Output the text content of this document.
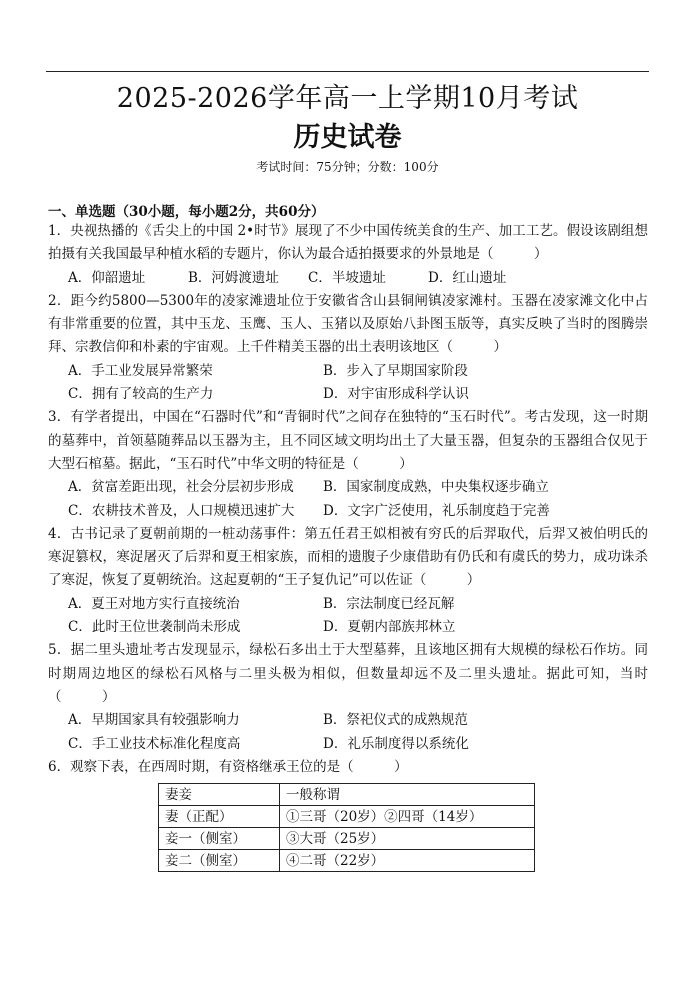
2025-2026学年高一上学期10月考试
历史试卷
考试时间：75分钟；分数：100分
一、单选题（30小题，每小题2分，共60分）

1．央视热播的《舌尖上的中国 2•时节》展现了不少中国传统美食的生产、加工工艺。假设该剧组想拍摄有关我国最早种植水稻的专题片，你认为最合适拍摄要求的外景地是（　　　）

A．仰韶遗址	B．河姆渡遗址	C．半坡遗址	D．红山遗址

2．距今约5800—5300年的凌家滩遗址位于安徽省含山县铜闸镇凌家滩村。玉器在凌家滩文化中占有非常重要的位置，其中玉龙、玉鹰、玉人、玉猪以及原始八卦图玉版等，真实反映了当时的图腾崇拜、宗教信仰和朴素的宇宙观。上千件精美玉器的出土表明该地区（　　　）

A．手工业发展异常繁荣	B．步入了早期国家阶段
C．拥有了较高的生产力	D．对宇宙形成科学认识

3．有学者提出，中国在“石器时代”和“青铜时代”之间存在独特的“玉石时代”。考古发现，这一时期的墓葬中，首领墓随葬品以玉器为主，且不同区域文明均出土了大量玉器，但复杂的玉器组合仅见于大型石棺墓。据此，“玉石时代”中华文明的特征是（　　　）

A．贫富差距出现，社会分层初步形成	B．国家制度成熟，中央集权逐步确立
C．农耕技术普及，人口规模迅速扩大	D．文字广泛使用，礼乐制度趋于完善

4．古书记录了夏朝前期的一桩动荡事件：第五任君王姒相被有穷氏的后羿取代，后羿又被伯明氏的寒浞篡权，寒浞屠灭了后羿和夏王相家族，而相的遗腹子少康借助有仍氏和有虞氏的势力，成功诛杀了寒浞，恢复了夏朝统治。这起夏朝的“王子复仇记”可以佐证（　　　）

A．夏王对地方实行直接统治	B．宗法制度已经瓦解
C．此时王位世袭制尚未形成	D．夏朝内部族邦林立

5．据二里头遗址考古发现显示，绿松石多出土于大型墓葬，且该地区拥有大规模的绿松石作坊。同时期周边地区的绿松石风格与二里头极为相似，但数量却远不及二里头遗址。据此可知，当时（　　　）

A．早期国家具有较强影响力	B．祭祀仪式的成熟规范
C．手工业技术标准化程度高	D．礼乐制度得以系统化

6．观察下表，在西周时期，有资格继承王位的是（　　　）

妻妾	一般称谓
妻（正配）	①三哥（20岁）②四哥（14岁）
妾一（侧室）	③大哥（25岁）
妾二（侧室）	④二哥（22岁）
